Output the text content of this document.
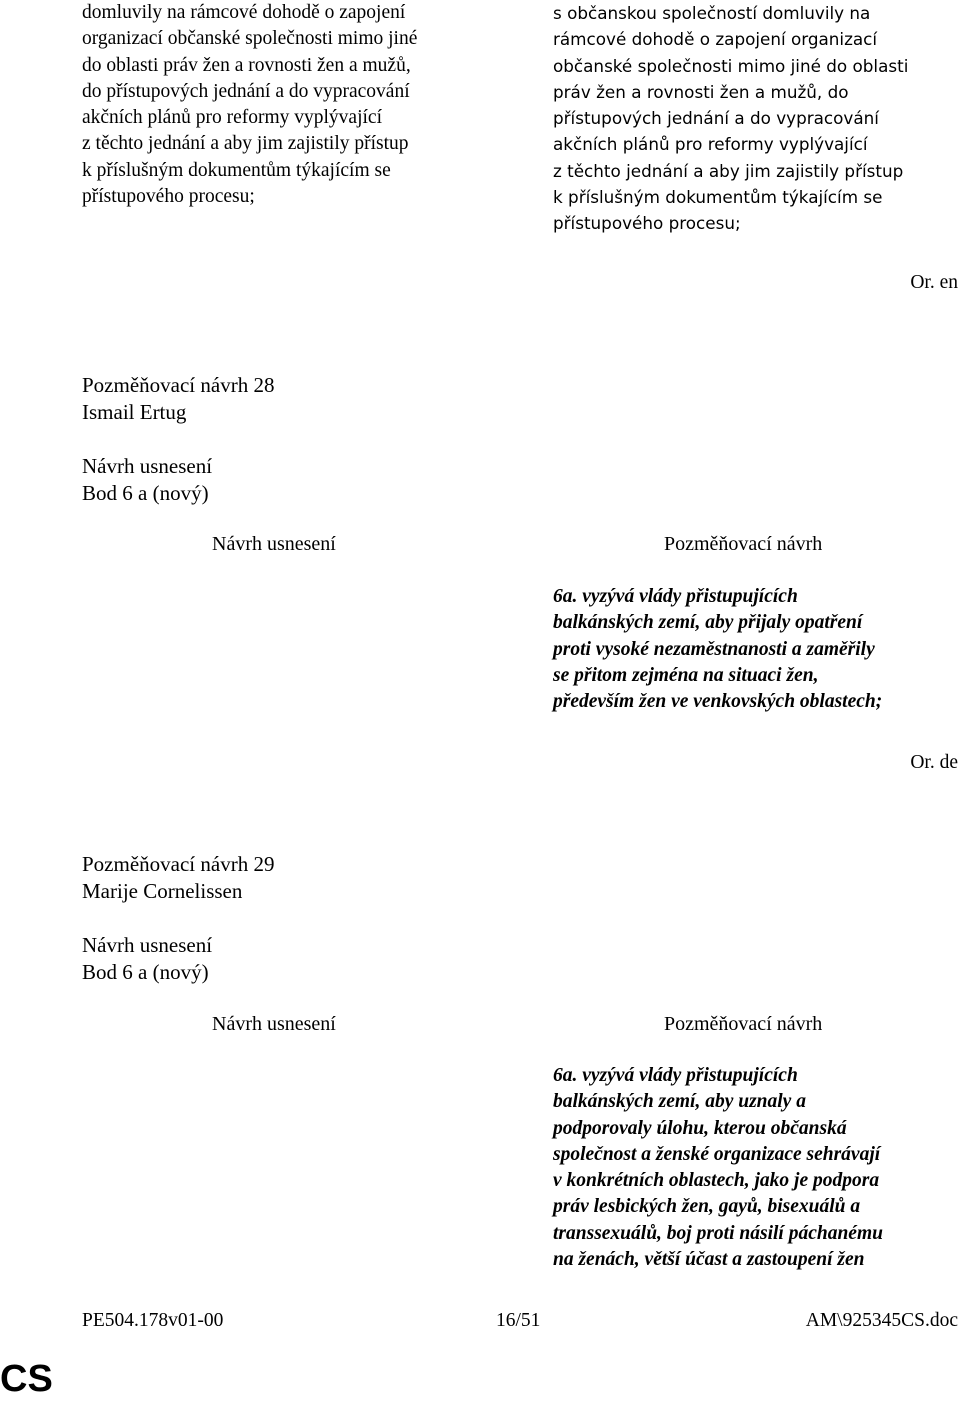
domluvily na rámcové dohodě o zapojení
organizací občanské společnosti mimo jiné
do oblasti práv žen a rovnosti žen a mužů,
do přístupových jednání a do vypracování
akčních plánů pro reformy vyplývající
z těchto jednání a aby jim zajistily přístup
k příslušným dokumentům týkajícím se
přístupového procesu;
s občanskou společností domluvily na
rámcové dohodě o zapojení organizací
občanské společnosti mimo jiné do oblasti
práv žen a rovnosti žen a mužů, do
přístupových jednání a do vypracování
akčních plánů pro reformy vyplývající
z těchto jednání a aby jim zajistily přístup
k příslušným dokumentům týkajícím se
přístupového procesu;
Or. en
Pozměňovací návrh 28
Ismail Ertug
Návrh usnesení
Bod 6 a (nový)
Návrh usnesení	Pozměňovací návrh
6a. vyzývá vlády přistupujících
balkánských zemí, aby přijaly opatření
proti vysoké nezaměstnanosti a zaměřily
se přitom zejména na situaci žen,
především žen ve venkovských oblastech;
Or. de
Pozměňovací návrh 29
Marije Cornelissen
Návrh usnesení
Bod 6 a (nový)
Návrh usnesení	Pozměňovací návrh
6a. vyzývá vlády přistupujících
balkánských zemí, aby uznaly a
podporovaly úlohu, kterou občanská
společnost a ženské organizace sehrávají
v konkrétních oblastech, jako je podpora
práv lesbických žen, gayů, bisexuálů a
transsexuálů, boj proti násilí páchanému
na ženách, větší účast a zastoupení žen
PE504.178v01-00	16/51	AM\925345CS.doc
CS
